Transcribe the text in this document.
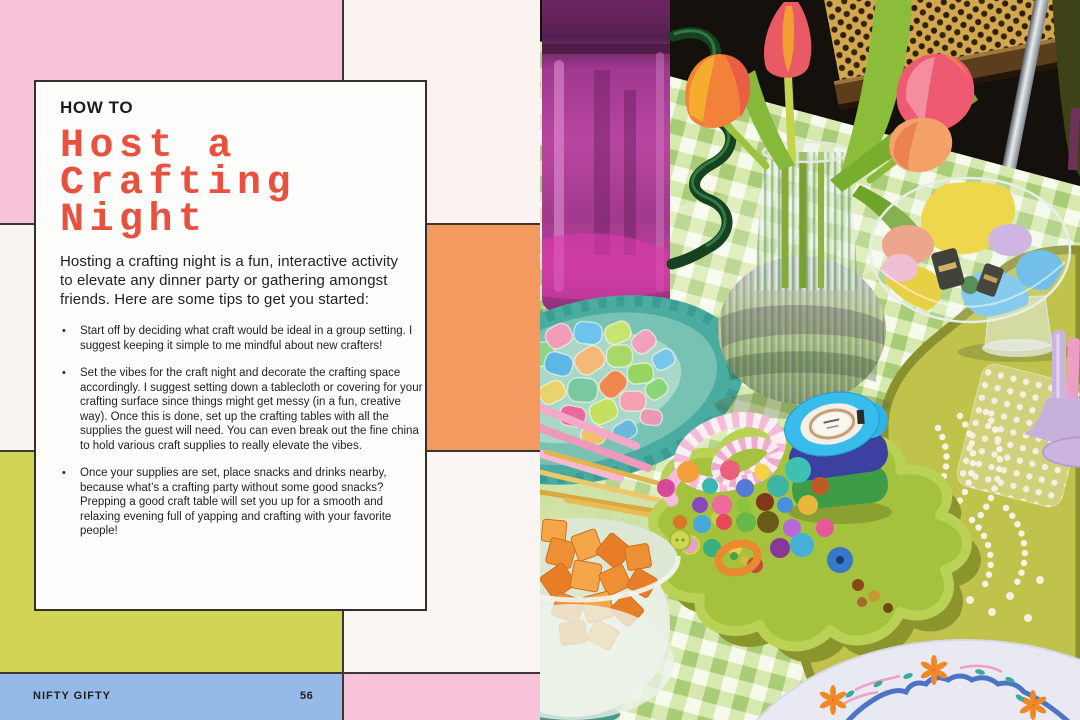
HOW TO
Host a
Crafting
Night
Hosting a crafting night is a fun, interactive activity to elevate any dinner party or gathering amongst friends. Here are some tips to get you started:
• Start off by deciding what craft would be ideal in a group setting. I suggest keeping it simple to me mindful about new crafters!
• Set the vibes for the craft night and decorate the crafting space accordingly. I suggest setting down a tablecloth or covering for your crafting surface since things might get messy (in a fun, creative way). Once this is done, set up the crafting tables with all the supplies the guest will need. You can even break out the fine china to hold various craft supplies to really elevate the vibes.
• Once your supplies are set, place snacks and drinks nearby, because what’s a crafting party without some good snacks? Prepping a good craft table will set you up for a smooth and relaxing evening full of yapping and crafting with your favorite people!
NIFTY GIFTY	56
